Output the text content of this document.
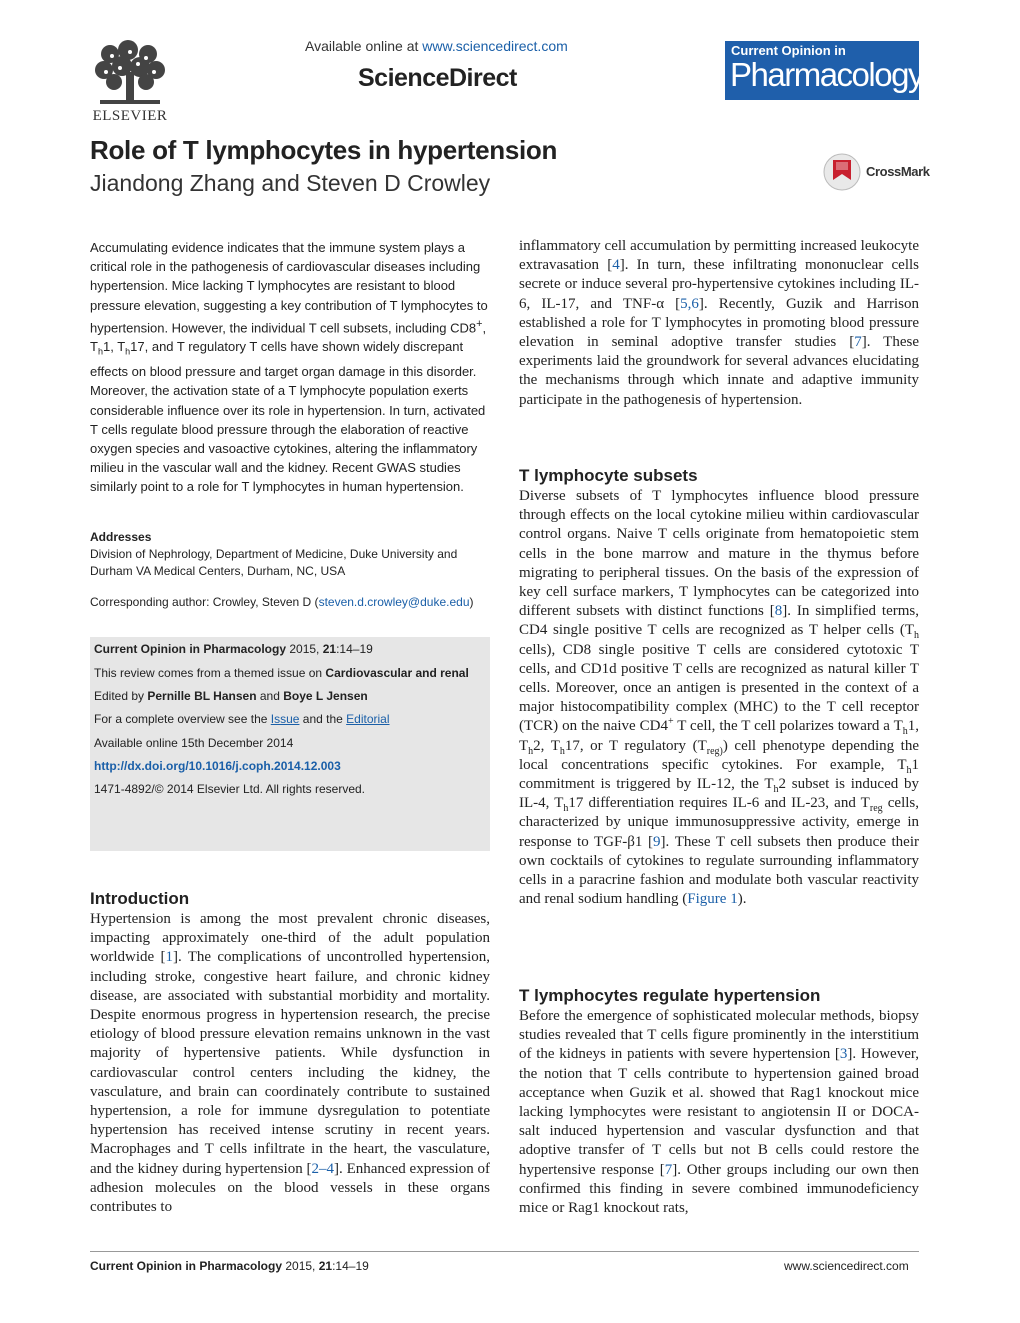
ELSEVIER
Available online at www.sciencedirect.com
ScienceDirect
Current Opinion in
Pharmacology
Role of T lymphocytes in hypertension
Jiandong Zhang and Steven D Crowley	CrossMark
Accumulating evidence indicates that the immune system plays a critical role in the pathogenesis of cardiovascular diseases including hypertension. Mice lacking T lymphocytes are resistant to blood pressure elevation, suggesting a key contribution of T lymphocytes to hypertension. However, the individual T cell subsets, including CD8+, $T_h1$, $T_h17$, and T regulatory T cells have shown widely discrepant effects on blood pressure and target organ damage in this disorder. Moreover, the activation state of a T lymphocyte population exerts considerable influence over its role in hypertension. In turn, activated T cells regulate blood pressure through the elaboration of reactive oxygen species and vasoactive cytokines, altering the inflammatory milieu in the vascular wall and the kidney. Recent GWAS studies similarly point to a role for T lymphocytes in human hypertension.
Addresses
Division of Nephrology, Department of Medicine, Duke University and Durham VA Medical Centers, Durham, NC, USA
Corresponding author: Crowley, Steven D (steven.d.crowley@duke.edu)
Current Opinion in Pharmacology 2015, 21:14–19
This review comes from a themed issue on Cardiovascular and renal
Edited by Pernille BL Hansen and Boye L Jensen
For a complete overview see the Issue and the Editorial
Available online 15th December 2014
http://dx.doi.org/10.1016/j.coph.2014.12.003
1471-4892/© 2014 Elsevier Ltd. All rights reserved.
Introduction
Hypertension is among the most prevalent chronic diseases, impacting approximately one-third of the adult population worldwide [1]. The complications of uncontrolled hypertension, including stroke, congestive heart failure, and chronic kidney disease, are associated with substantial morbidity and mortality. Despite enormous progress in hypertension research, the precise etiology of blood pressure elevation remains unknown in the vast majority of hypertensive patients. While dysfunction in cardiovascular control centers including the kidney, the vasculature, and brain can coordinately contribute to sustained hypertension, a role for immune dysregulation to potentiate hypertension has received intense scrutiny in recent years. Macrophages and T cells infiltrate in the heart, the vasculature, and the kidney during hypertension [2–4]. Enhanced expression of adhesion molecules on the blood vessels in these organs contributes to
inflammatory cell accumulation by permitting increased leukocyte extravasation [4]. In turn, these infiltrating mononuclear cells secrete or induce several pro-hypertensive cytokines including IL-6, IL-17, and TNF-α [5,6]. Recently, Guzik and Harrison established a role for T lymphocytes in promoting blood pressure elevation in seminal adoptive transfer studies [7]. These experiments laid the groundwork for several advances elucidating the mechanisms through which innate and adaptive immunity participate in the pathogenesis of hypertension.
T lymphocyte subsets
Diverse subsets of T lymphocytes influence blood pressure through effects on the local cytokine milieu within cardiovascular control organs. Naive T cells originate from hematopoietic stem cells in the bone marrow and mature in the thymus before migrating to peripheral tissues. On the basis of the expression of key cell surface markers, T lymphocytes can be categorized into different subsets with distinct functions [8]. In simplified terms, CD4 single positive T cells are recognized as T helper cells ($T_h$ cells), CD8 single positive T cells are considered cytotoxic T cells, and CD1d positive T cells are recognized as natural killer T cells. Moreover, once an antigen is presented in the context of a major histocompatibility complex (MHC) to the T cell receptor (TCR) on the naive CD4+ T cell, the T cell polarizes toward a $T_h1$, $T_h2$, $T_h17$, or T regulatory $(T_{reg)})$ cell phenotype depending the local concentrations specific cytokines. For example, $T_h1$ commitment is triggered by IL-12, the $T_h2$ subset is induced by IL-4, $T_h17$ differentiation requires IL-6 and IL-23, and $T_{reg}$ cells, characterized by unique immunosuppressive activity, emerge in response to TGF-β1 [9]. These T cell subsets then produce their own cocktails of cytokines to regulate surrounding inflammatory cells in a paracrine fashion and modulate both vascular reactivity and renal sodium handling (Figure 1).
T lymphocytes regulate hypertension
Before the emergence of sophisticated molecular methods, biopsy studies revealed that T cells figure prominently in the interstitium of the kidneys in patients with severe hypertension [3]. However, the notion that T cells contribute to hypertension gained broad acceptance when Guzik et al. showed that Rag1 knockout mice lacking lymphocytes were resistant to angiotensin II or DOCA-salt induced hypertension and vascular dysfunction and that adoptive transfer of T cells but not B cells could restore the hypertensive response [7]. Other groups including our own then confirmed this finding in severe combined immunodeficiency mice or Rag1 knockout rats,
Current Opinion in Pharmacology 2015, 21:14–19	www.sciencedirect.com
